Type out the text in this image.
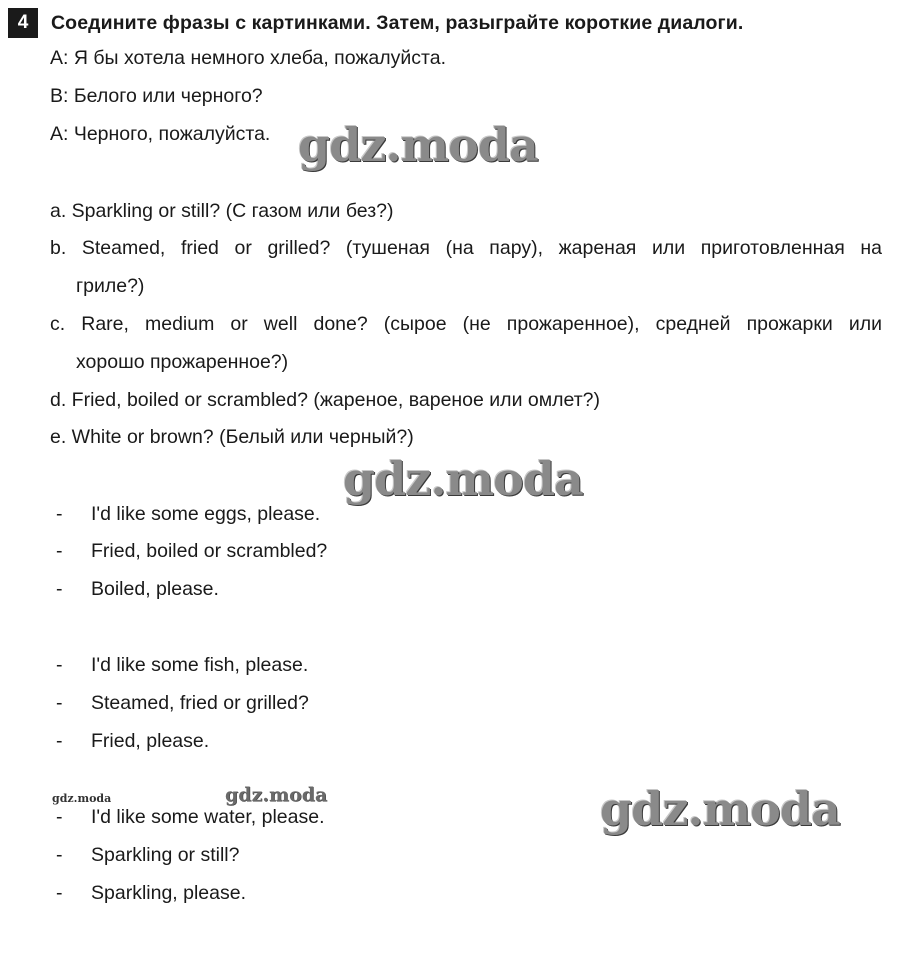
4	Соедините фразы с картинками. Затем, разыграйте короткие диалоги.
A: Я бы хотела немного хлеба, пожалуйста.
B: Белого или черного?
A: Черного, пожалуйста. gdz.moda
a. Sparkling or still? (С газом или без?)
b. Steamed, fried or grilled? (тушеная (на пару), жареная или приготовленная на
гриле?)
c. Rare, medium or well done? (сырое (не прожаренное), средней прожарки или
хорошо прожаренное?)
d. Fried, boiled or scrambled? (жареное, вареное или омлет?)
e. White or brown? (Белый или черный?)
gdz.moda
- I'd like some eggs, please.
- Fried, boiled or scrambled?
- Boiled, please.
- I'd like some fish, please.
- Steamed, fried or grilled?
- Fried, please.
gdz.moda	gdz.moda	gdz.moda
- I'd like some water, please.
- Sparkling or still?
- Sparkling, please.
